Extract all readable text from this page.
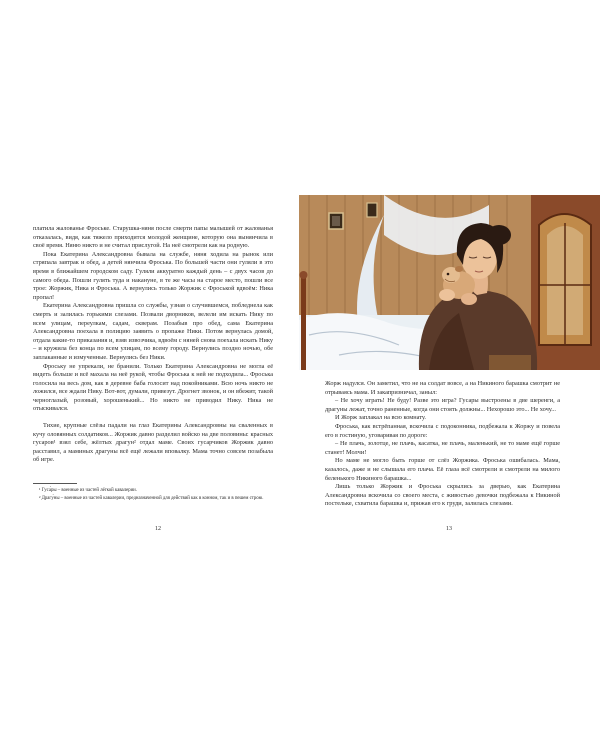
платила жалованье Фроське. Старушка-няня после смерти папы малышей от жалованья отказалась, видя, как тяжело приходится молодой женщине, которую она вынянчила в своё время. Няню никто и не считал прислугой. На неё смотрели как на родную.

Пока Екатерина Александровна бывала на службе, няня ходила на рынок или стряпала завтрак и обед, а детей нянчила Фроська. По большей части они гуляли в это время в ближайшем городском саду. Гуляли аккуратно каждый день – с двух часов до самого обеда. Пошли гулять туда и накануне, в те же часы на старое место, пошли все трое: Жоржик, Ника и Фроська. А вернулись только Жоржик с Фроськой вдвоём: Ника пропал!

Екатерина Александровна пришла со службы, узнав о случившемся, побледнела как смерть и залилась горькими слезами. Позвали дворников, велели им искать Нику по всем улицам, переулкам, садам, скверам. Позабыв про обед, сама Екатерина Александровна поехала в полицию заявить о пропаже Ники. Потом вернулась домой, отдала какие-то приказания и, взяв извозчика, вдвоём с няней снова поехала искать Нику – и кружила без конца по всем улицам, по всему городу. Вернулись поздно ночью, обе заплаканные и измученные. Вернулись без Ники.

Фроську не упрекали, не бранили. Только Екатерина Александровна не могла её видеть больше и всё махала на неё рукой, чтобы Фроська к ней не подходила... Фроська голосила на весь дом, как в деревне баба голосит над покойниками. Всю ночь никто не ложился, все ждали Нику. Вот-вот, думали, привезут. Дрогнет звонок, и он вбежит, такой черноглазый, розовый, хорошенький... Но никто не приводил Нику. Ника не отыскивался.

Тихие, крупные слёзы падали на глаз Екатерины Александровны на сваленных в кучу оловянных солдатиков... Жоржик давно разделил войско на две половины: красных гусаров¹ взял себе, жёлтых драгун² отдал маме. Своих гусарчиков Жоржик давно расставил, а маминых драгуны всё ещё лежали вповалку. Мама точно совсем позабыла об игре.

¹ Гуса́ры – военные из частей лёгкой кавалерии.

² Драгу́ны – военные из частей кавалерии, предназначенной для действий как в конном, так и в пешем строю.

12

Жорж надулся. Он заметил, что не на солдат вовсе, а на Никиного барашка смотрит не отрываясь мама. И закапризничал, заныл:

– Не хочу играть! Не буду! Разве это игра? Гусары выстроены в две шеренги, а драгуны лежат, точно раненные, когда они стоять должны... Нехорошо это... Не хочу...

И Жорж заплакал на всю комнату.

Фроська, как встрёпанная, вскочила с подоконника, подбежала к Жоржу и повела его в гостиную, уговаривая по дороге:

– Не плачь, золотце, не плачь, касатка, не плачь, маленький, не то маме ещё горше станет! Молчи!

Но маме не могло быть горше от слёз Жоржика. Фроська ошибалась. Мама, казалось, даже и не слышала его плача. Её глаза всё смотрели и смотрели на милого беленького Никиного барашка...

Лишь только Жоржик и Фроська скрылись за дверью, как Екатерина Александровна вскочила со своего места, с живостью девочки подбежала к Никиной постельке, схватила барашка и, прижав его к груди, залилась слезами.

13
